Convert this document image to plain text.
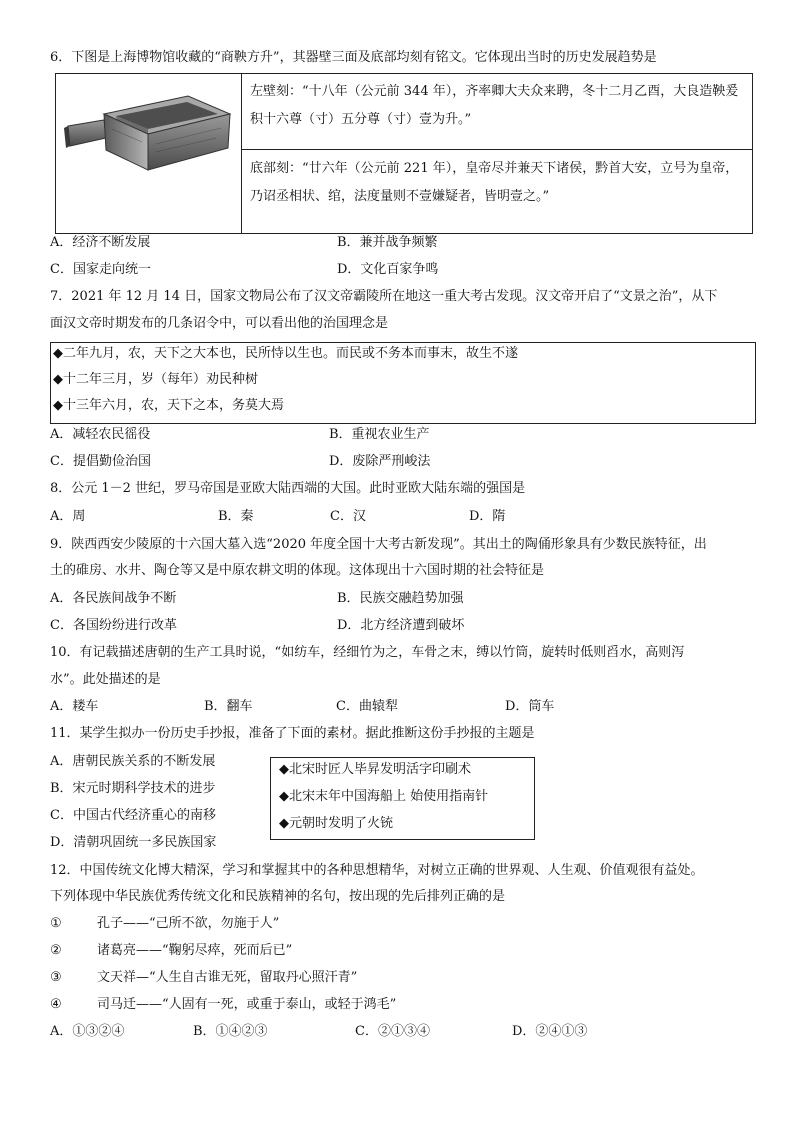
6．下图是上海博物馆收藏的“商鞅方升”，其器壁三面及底部均刻有铭文。它体现出当时的历史发展趋势是
左壁刻：“十八年（公元前 344 年），齐率卿大夫众来聘，冬十二月乙酉，大良造鞅爰积十六尊（寸）五分尊（寸）壹为升。”
底部刻：“廿六年（公元前 221 年），皇帝尽并兼天下诸侯，黔首大安，立号为皇帝，乃诏丞相状、绾，法度量则不壹嫌疑者，皆明壹之。”
A．经济不断发展	B．兼并战争频繁
C．国家走向统一	D．文化百家争鸣
7．2021 年 12 月 14 日，国家文物局公布了汉文帝霸陵所在地这一重大考古发现。汉文帝开启了“文景之治”，从下
面汉文帝时期发布的几条诏令中，可以看出他的治国理念是
◆二年九月，农，天下之大本也，民所恃以生也。而民或不务本而事末，故生不遂
◆十二年三月，岁（每年）劝民种树
◆十三年六月，农，天下之本，务莫大焉
A．减轻农民徭役	B．重视农业生产
C．提倡勤俭治国	D．废除严刑峻法
8．公元 1－2 世纪，罗马帝国是亚欧大陆西端的大国。此时亚欧大陆东端的强国是
A．周	B．秦	C．汉	D．隋
9．陕西西安少陵原的十六国大墓入选“2020 年度全国十大考古新发现”。其出土的陶俑形象具有少数民族特征，出
土的碓房、水井、陶仓等又是中原农耕文明的体现。这体现出十六国时期的社会特征是
A．各民族间战争不断	B．民族交融趋势加强
C．各国纷纷进行改革	D．北方经济遭到破坏
10．有记载描述唐朝的生产工具时说，“如纺车，经细竹为之，车骨之末，缚以竹筒，旋转时低则舀水，高则泻
水”。此处描述的是
A．耧车	B．翻车	C．曲辕犁	D．筒车
11．某学生拟办一份历史手抄报，准备了下面的素材。据此推断这份手抄报的主题是
A．唐朝民族关系的不断发展
B．宋元时期科学技术的进步
C．中国古代经济重心的南移
D．清朝巩固统一多民族国家
◆北宋时匠人毕昇发明活字印刷术
◆北宋末年中国海船上 始使用指南针
◆元朝时发明了火铳
12．中国传统文化博大精深，学习和掌握其中的各种思想精华，对树立正确的世界观、人生观、价值观很有益处。
下列体现中华民族优秀传统文化和民族精神的名句，按出现的先后排列正确的是
①	孔子——“己所不欲，勿施于人”
②	诸葛亮——“鞠躬尽瘁，死而后已”
③	文天祥—“人生自古谁无死，留取丹心照汗青”
④	司马迁——“人固有一死，或重于泰山，或轻于鸿毛”
A．①③②④	B．①④②③	C．②①③④	D．②④①③
